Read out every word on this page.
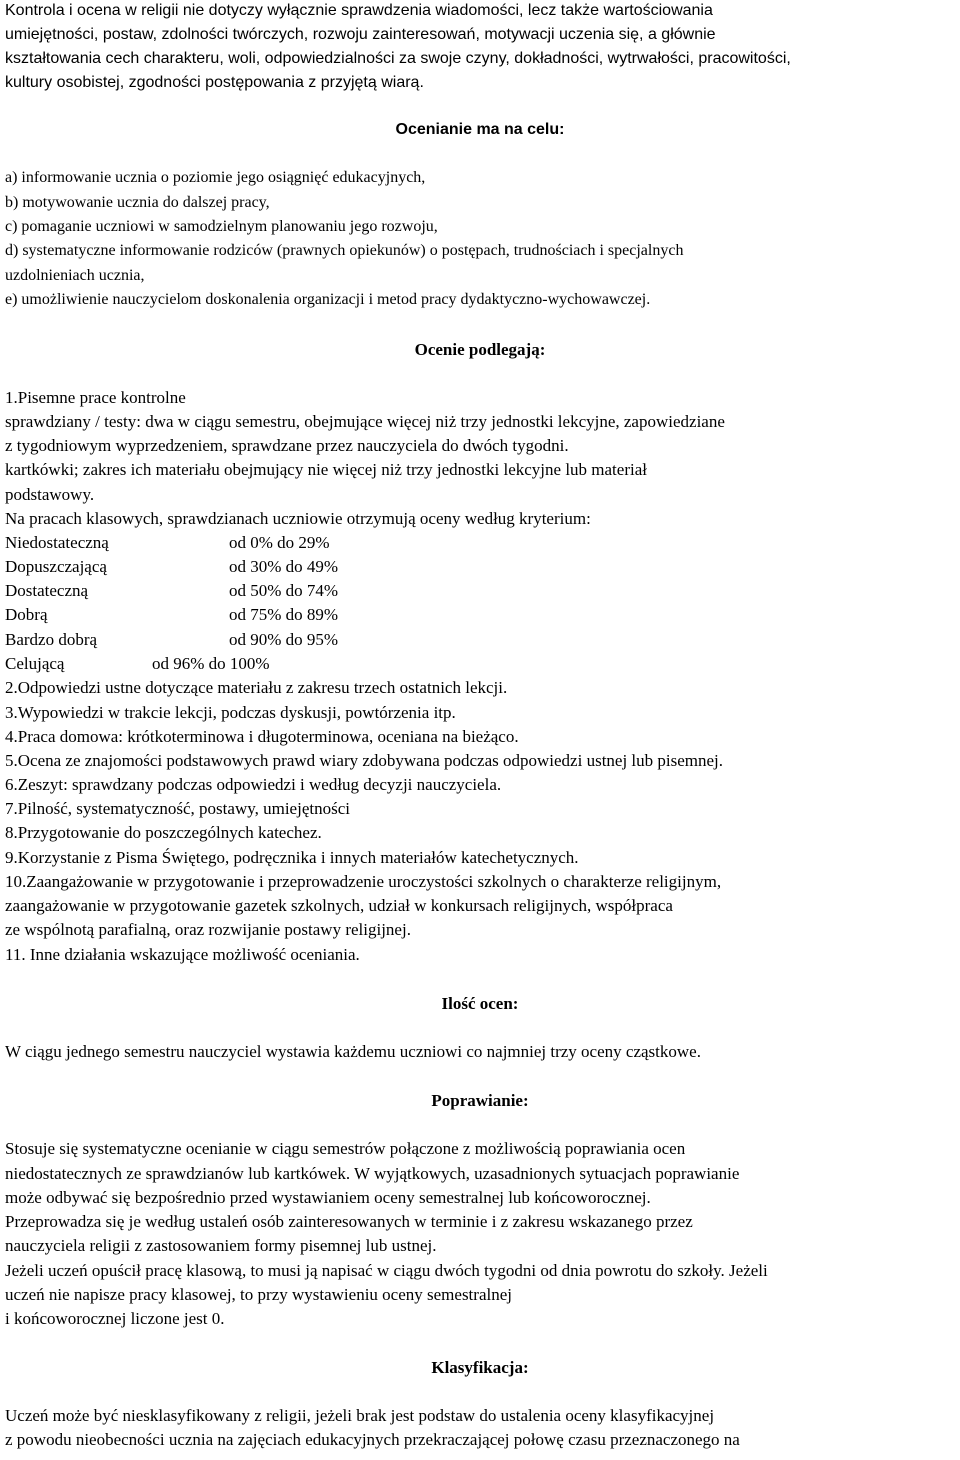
Kontrola i ocena w religii nie dotyczy wyłącznie sprawdzenia wiadomości, lecz także wartościowania
umiejętności, postaw, zdolności twórczych, rozwoju zainteresowań, motywacji uczenia się, a głównie
kształtowania cech charakteru, woli, odpowiedzialności za swoje czyny, dokładności, wytrwałości, pracowitości,
kultury osobistej, zgodności postępowania z przyjętą wiarą.
Ocenianie ma na celu:
a) informowanie ucznia o poziomie jego osiągnięć edukacyjnych,
b) motywowanie ucznia do dalszej pracy,
c) pomaganie uczniowi w samodzielnym planowaniu jego rozwoju,
d) systematyczne informowanie rodziców (prawnych opiekunów) o postępach, trudnościach i specjalnych
uzdolnieniach ucznia,
e) umożliwienie nauczycielom doskonalenia organizacji i metod pracy dydaktyczno-wychowawczej.
Ocenie podlegają:
1.Pisemne prace kontrolne
sprawdziany / testy: dwa w ciągu semestru, obejmujące więcej niż trzy jednostki lekcyjne, zapowiedziane
z tygodniowym wyprzedzeniem, sprawdzane przez nauczyciela do dwóch tygodni.
kartkówki; zakres ich materiału obejmujący nie więcej niż trzy jednostki lekcyjne lub materiał
podstawowy.
Na pracach klasowych, sprawdzianach uczniowie otrzymują oceny według kryterium:
Niedostateczną	od 0% do 29%
Dopuszczającą	od 30% do 49%
Dostateczną	od 50% do 74%
Dobrą	od 75% do 89%
Bardzo dobrą	od 90% do 95%
Celującą	od 96% do 100%
2.Odpowiedzi ustne dotyczące materiału z zakresu trzech ostatnich lekcji.
3.Wypowiedzi w trakcie lekcji, podczas dyskusji, powtórzenia itp.
4.Praca domowa: krótkoterminowa i długoterminowa, oceniana na bieżąco.
5.Ocena ze znajomości podstawowych prawd wiary zdobywana podczas odpowiedzi ustnej lub pisemnej.
6.Zeszyt: sprawdzany podczas odpowiedzi i według decyzji nauczyciela.
7.Pilność, systematyczność, postawy, umiejętności
8.Przygotowanie do poszczególnych katechez.
9.Korzystanie z Pisma Świętego, podręcznika i innych materiałów katechetycznych.
10.Zaangażowanie w przygotowanie i przeprowadzenie uroczystości szkolnych o charakterze religijnym,
zaangażowanie w przygotowanie gazetek szkolnych, udział w konkursach religijnych, współpraca
ze wspólnotą parafialną, oraz rozwijanie postawy religijnej.
11. Inne działania wskazujące możliwość oceniania.
Ilość ocen:
W ciągu jednego semestru nauczyciel wystawia każdemu uczniowi co najmniej trzy oceny cząstkowe.
Poprawianie:
Stosuje się systematyczne ocenianie w ciągu semestrów połączone z możliwością poprawiania ocen
niedostatecznych ze sprawdzianów lub kartkówek. W wyjątkowych, uzasadnionych sytuacjach poprawianie
może odbywać się bezpośrednio przed wystawianiem oceny semestralnej lub końcoworocznej.
Przeprowadza się je według ustaleń osób zainteresowanych w terminie i z zakresu wskazanego przez
nauczyciela religii z zastosowaniem formy pisemnej lub ustnej.
Jeżeli uczeń opuścił pracę klasową, to musi ją napisać w ciągu dwóch tygodni od dnia powrotu do szkoły. Jeżeli
uczeń nie napisze pracy klasowej, to przy wystawieniu oceny semestralnej
i końcoworocznej liczone jest 0.
Klasyfikacja:
Uczeń może być niesklasyfikowany z religii, jeżeli brak jest podstaw do ustalenia oceny klasyfikacyjnej
z powodu nieobecności ucznia na zajęciach edukacyjnych przekraczającej połowę czasu przeznaczonego na
